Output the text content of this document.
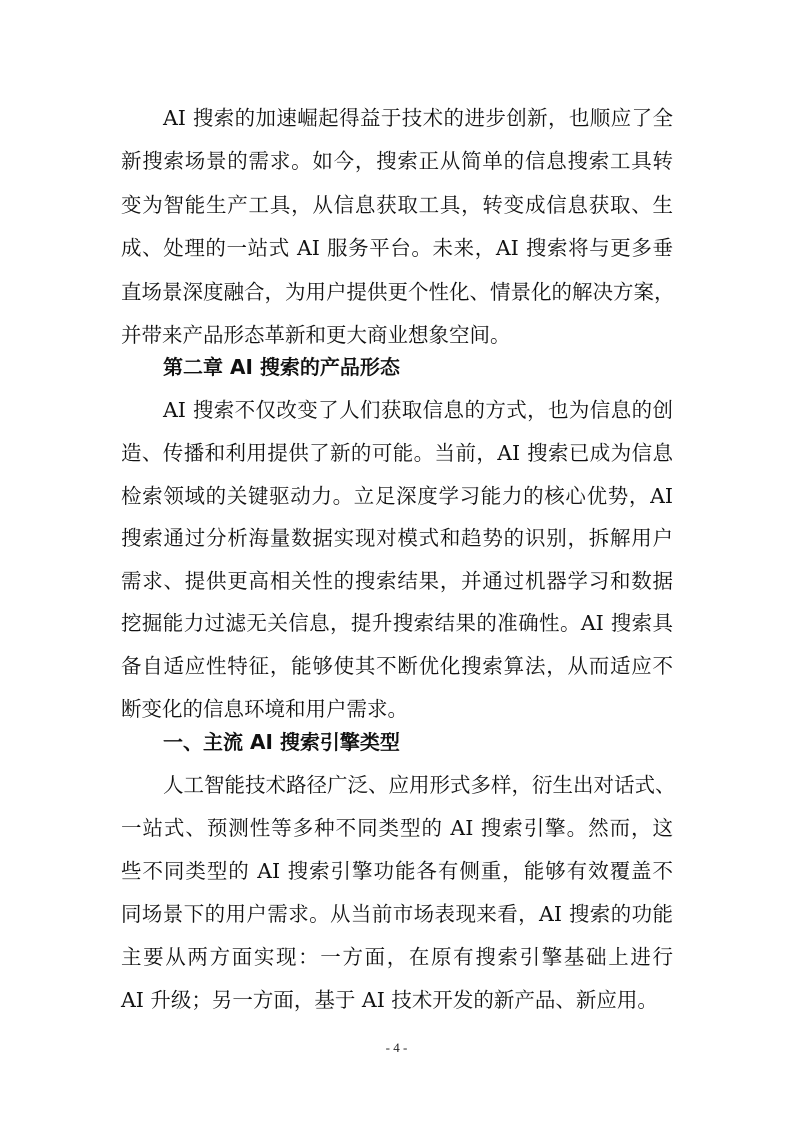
AI 搜索的加速崛起得益于技术的进步创新，也顺应了全
新搜索场景的需求。如今，搜索正从简单的信息搜索工具转
变为智能生产工具，从信息获取工具，转变成信息获取、生
成、处理的一站式 AI 服务平台。未来，AI 搜索将与更多垂
直场景深度融合，为用户提供更个性化、情景化的解决方案，
并带来产品形态革新和更大商业想象空间。
第二章 AI 搜索的产品形态
AI 搜索不仅改变了人们获取信息的方式，也为信息的创
造、传播和利用提供了新的可能。当前，AI 搜索已成为信息
检索领域的关键驱动力。立足深度学习能力的核心优势，AI
搜索通过分析海量数据实现对模式和趋势的识别，拆解用户
需求、提供更高相关性的搜索结果，并通过机器学习和数据
挖掘能力过滤无关信息，提升搜索结果的准确性。AI 搜索具
备自适应性特征，能够使其不断优化搜索算法，从而适应不
断变化的信息环境和用户需求。
一、主流 AI 搜索引擎类型
人工智能技术路径广泛、应用形式多样，衍生出对话式、
一站式、预测性等多种不同类型的 AI 搜索引擎。然而，这
些不同类型的 AI 搜索引擎功能各有侧重，能够有效覆盖不
同场景下的用户需求。从当前市场表现来看，AI 搜索的功能
主要从两方面实现：一方面，在原有搜索引擎基础上进行
AI 升级；另一方面，基于 AI 技术开发的新产品、新应用。
- 4 -
